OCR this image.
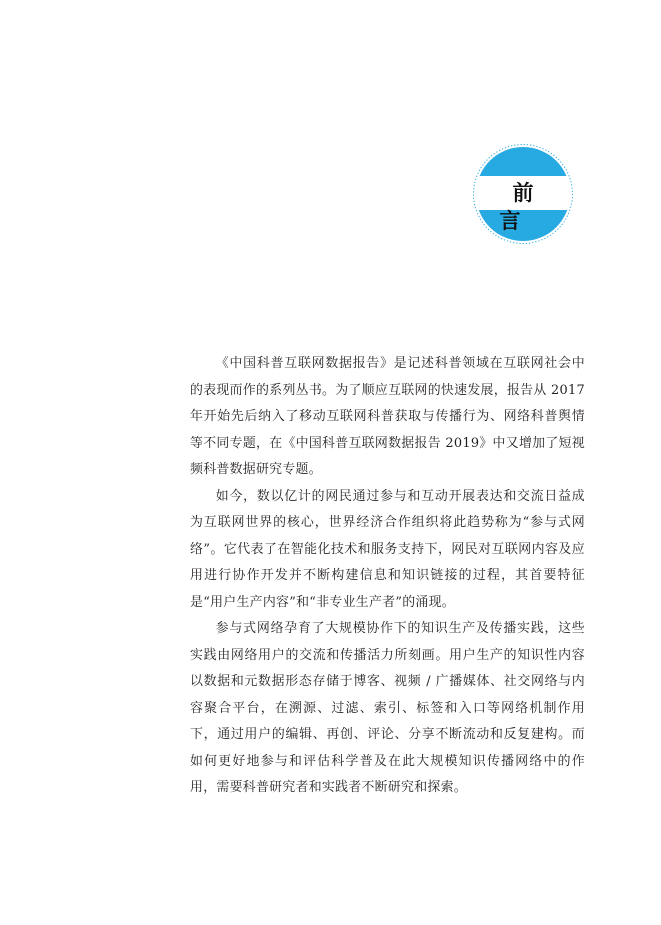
前言

《中国科普互联网数据报告》是记述科普领域在互联网社会中的表现而作的系列丛书。为了顺应互联网的快速发展，报告从 2017 年开始先后纳入了移动互联网科普获取与传播行为、网络科普舆情等不同专题，在《中国科普互联网数据报告 2019》中又增加了短视频科普数据研究专题。

如今，数以亿计的网民通过参与和互动开展表达和交流日益成为互联网世界的核心，世界经济合作组织将此趋势称为“参与式网络”。它代表了在智能化技术和服务支持下，网民对互联网内容及应用进行协作开发并不断构建信息和知识链接的过程，其首要特征是“用户生产内容”和“非专业生产者”的涌现。

参与式网络孕育了大规模协作下的知识生产及传播实践，这些实践由网络用户的交流和传播活力所刻画。用户生产的知识性内容以数据和元数据形态存储于博客、视频 / 广播媒体、社交网络与内容聚合平台，在溯源、过滤、索引、标签和入口等网络机制作用下，通过用户的编辑、再创、评论、分享不断流动和反复建构。而如何更好地参与和评估科学普及在此大规模知识传播网络中的作用，需要科普研究者和实践者不断研究和探索。
